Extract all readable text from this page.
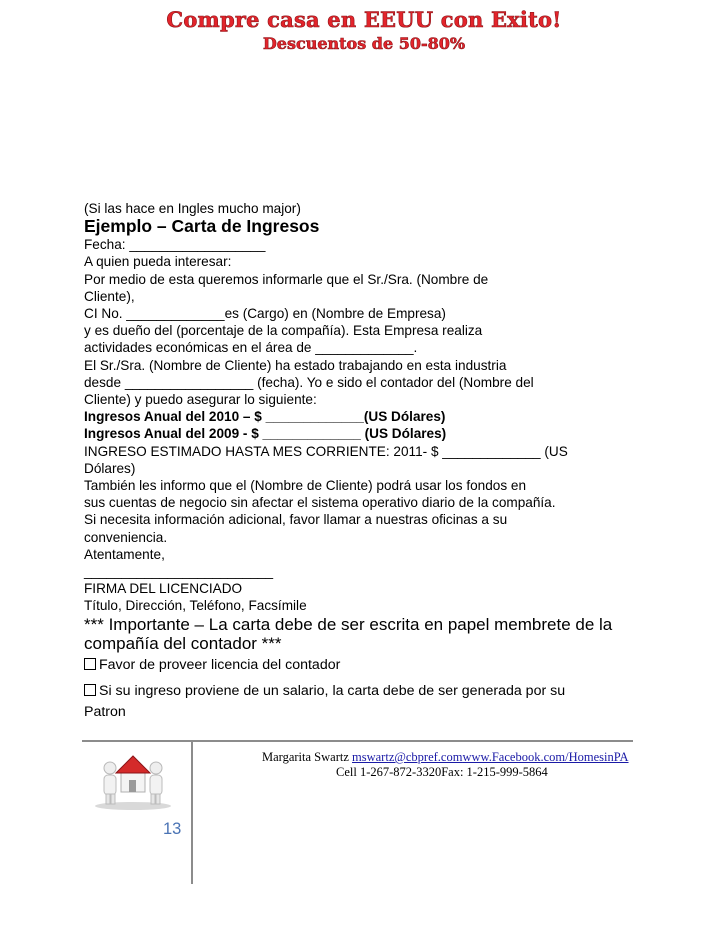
Compre casa en EEUU con Exito!
Descuentos de 50-80%
(Si las hace en Ingles mucho major)
Ejemplo – Carta de Ingresos
Fecha: __________________
A quien pueda interesar:
Por medio de esta queremos informarle que el Sr./Sra. (Nombre de
Cliente),
CI No. _____________es (Cargo) en (Nombre de Empresa)
y es dueño del (porcentaje de la compañía). Esta Empresa realiza
actividades económicas en el área de _____________.
El Sr./Sra. (Nombre de Cliente) ha estado trabajando en esta industria
desde _________________ (fecha). Yo e sido el contador del (Nombre del
Cliente) y puedo asegurar lo siguiente:
Ingresos Anual del 2010 – $ _____________(US Dólares)
Ingresos Anual del 2009 - $ _____________ (US Dólares)
INGRESO ESTIMADO HASTA MES CORRIENTE: 2011- $ _____________ (US
Dólares)
También les informo que el (Nombre de Cliente) podrá usar los fondos en
sus cuentas de negocio sin afectar el sistema operativo diario de la compañía.
Si necesita información adicional, favor llamar a nuestras oficinas a su
conveniencia.
Atentamente,
_________________________
FIRMA DEL LICENCIADO
Título, Dirección, Teléfono, Facsímile
*** Importante – La carta debe de ser escrita en papel membrete de la
compañía del contador ***
Favor de proveer licencia del contador
Si su ingreso proviene de un salario, la carta debe de ser generada por su
Patron
Margarita Swartz mswartz@cbpref.comwww.Facebook.com/HomesinPA
Cell 1-267-872-3320Fax: 1-215-999-5864
13
